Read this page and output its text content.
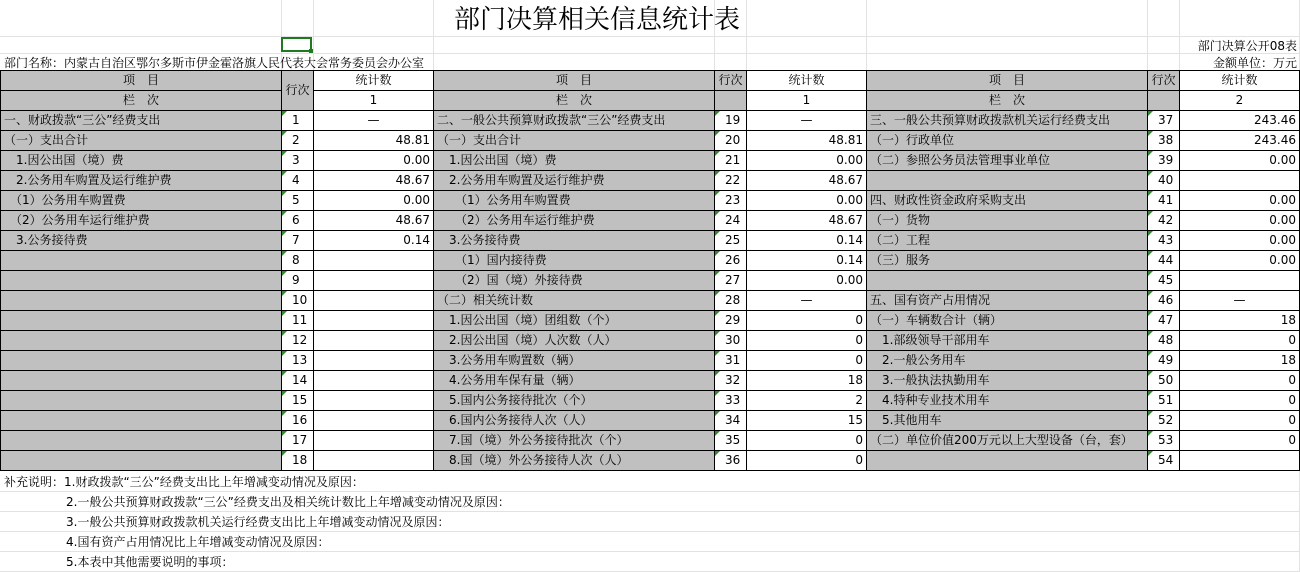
部门决算相关信息统计表
部门决算公开08表
部门名称：内蒙古自治区鄂尔多斯市伊金霍洛旗人民代表大会常务委员会办公室	金额单位：万元
项　目	行次	统计数	项　目	行次	统计数	项　目	行次	统计数
栏　次		1	栏　次		1	栏　次		2
一、财政拨款“三公”经费支出	1	—	二、一般公共预算财政拨款“三公”经费支出	19	—	三、一般公共预算财政拨款机关运行经费支出	37	243.46
（一）支出合计	2	48.81	（一）支出合计	20	48.81	（一）行政单位	38	243.46
　1.因公出国（境）费	3	0.00	　1.因公出国（境）费	21	0.00	（二）参照公务员法管理事业单位	39	0.00
　2.公务用车购置及运行维护费	4	48.67	　2.公务用车购置及运行维护费	22	48.67		40	
　（1）公务用车购置费	5	0.00	　　（1）公务用车购置费	23	0.00	四、财政性资金政府采购支出	41	0.00
　（2）公务用车运行维护费	6	48.67	　　（2）公务用车运行维护费	24	48.67	（一）货物	42	0.00
　3.公务接待费	7	0.14	　3.公务接待费	25	0.14	（二）工程	43	0.00
	8		　　（1）国内接待费	26	0.14	（三）服务	44	0.00
	9		　　（2）国（境）外接待费	27	0.00		45	
	10		（二）相关统计数	28	—	五、国有资产占用情况	46	—
	11		　1.因公出国（境）团组数（个）	29	0	（一）车辆数合计（辆）	47	18
	12		　2.因公出国（境）人次数（人）	30	0	　1.部级领导干部用车	48	0
	13		　3.公务用车购置数（辆）	31	0	　2.一般公务用车	49	18
	14		　4.公务用车保有量（辆）	32	18	　3.一般执法执勤用车	50	0
	15		　5.国内公务接待批次（个）	33	2	　4.特种专业技术用车	51	0
	16		　6.国内公务接待人次（人）	34	15	　5.其他用车	52	0
	17		　7.国（境）外公务接待批次（个）	35	0	（二）单位价值200万元以上大型设备（台，套）	53	0
	18		　8.国（境）外公务接待人次（人）	36	0		54	
补充说明：1.财政拨款“三公”经费支出比上年增减变动情况及原因：
2.一般公共预算财政拨款“三公”经费支出及相关统计数比上年增减变动情况及原因：
3.一般公共预算财政拨款机关运行经费支出比上年增减变动情况及原因：
4.国有资产占用情况比上年增减变动情况及原因：
5.本表中其他需要说明的事项：
